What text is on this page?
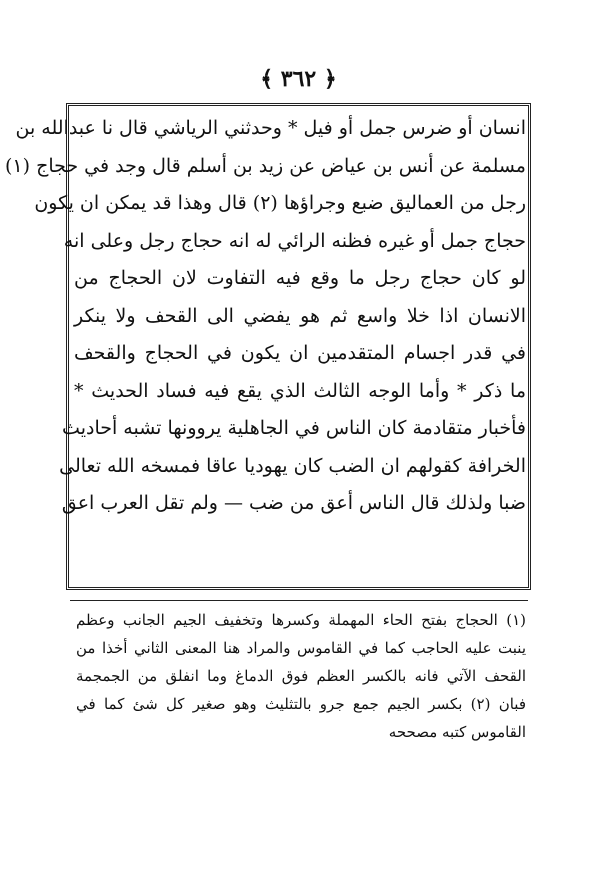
﴿ ٣٦٢ ﴾
انسان أو ضرس جمل أو فيل * وحدثني الرياشي قال نا عبدالله بن
مسلمة عن أنس بن عياض عن زيد بن أسلم قال وجد في حجاج (١)
رجل من العماليق ضبع وجراؤها (٢) قال وهذا قد يمكن ان يكون
حجاج جمل أو غيره فظنه الرائي له انه حجاج رجل وعلى انه
لو كان حجاج رجل ما وقع فيه التفاوت لان الحجاج من
الانسان اذا خلا واسع ثم هو يفضي الى القحف ولا ينكر
في قدر اجسام المتقدمين ان يكون في الحجاج والقحف
ما ذكر * وأما الوجه الثالث الذي يقع فيه فساد الحديث *
فأخبار متقادمة كان الناس في الجاهلية يروونها تشبه أحاديث
الخرافة كقولهم ان الضب كان يهوديا عاقا فمسخه الله تعالى
ضبا ولذلك قال الناس أعق من ضب — ولم تقل العرب اعق
(١) الحجاج بفتح الحاء المهملة وكسرها وتخفيف الجيم الجانب وعظم
ينبت عليه الحاجب كما في القاموس والمراد هنا المعنى الثاني أخذا من
القحف الآتي فانه بالكسر العظم فوق الدماغ وما انفلق من الجمجمة
فبان (٢) بكسر الجيم جمع جرو بالتثليث وهو صغير كل شئ كما في
القاموس كتبه مصححه
